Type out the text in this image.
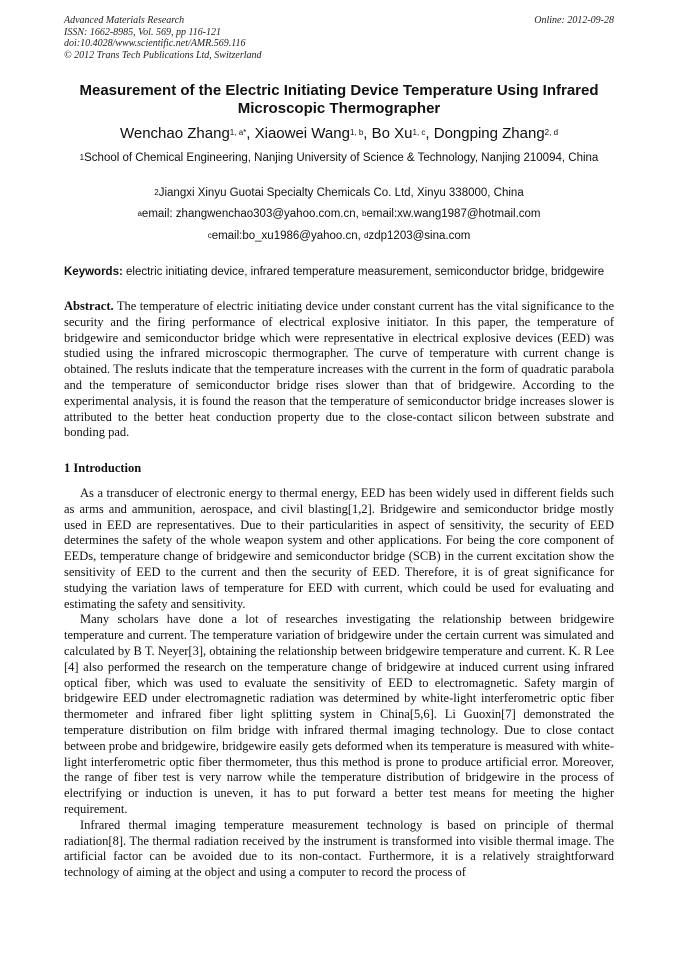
Advanced Materials Research
ISSN: 1662-8985, Vol. 569, pp 116-121
doi:10.4028/www.scientific.net/AMR.569.116
© 2012 Trans Tech Publications Ltd, Switzerland
Online: 2012-09-28
Measurement of the Electric Initiating Device Temperature Using Infrared Microscopic Thermographer
Wenchao Zhang$^{1, a*}$, Xiaowei Wang$^{1, b}$, Bo Xu$^{1, c}$, Dongping Zhang$^{2, d}$
$^1$School of Chemical Engineering, Nanjing University of Science & Technology, Nanjing 210094, China
$^2$Jiangxi Xinyu Guotai Specialty Chemicals Co. Ltd, Xinyu 338000, China
$^a$email: zhangwenchao303@yahoo.com.cn, $^b$email:xw.wang1987@hotmail.com
$^c$email:bo_xu1986@yahoo.cn, $^d$zdp1203@sina.com
Keywords: electric initiating device, infrared temperature measurement, semiconductor bridge, bridgewire
Abstract. The temperature of electric initiating device under constant current has the vital significance to the security and the firing performance of electrical explosive initiator. In this paper, the temperature of bridgewire and semiconductor bridge which were representative in electrical explosive devices (EED) was studied using the infrared microscopic thermographer. The curve of temperature with current change is obtained. The resluts indicate that the temperature increases with the current in the form of quadratic parabola and the temperature of semiconductor bridge rises slower than that of bridgewire. According to the experimental analysis, it is found the reason that the temperature of semiconductor bridge increases slower is attributed to the better heat conduction property due to the close-contact silicon between substrate and bonding pad.
1 Introduction

As a transducer of electronic energy to thermal energy, EED has been widely used in different fields such as arms and ammunition, aerospace, and civil blasting[1,2]. Bridgewire and semiconductor bridge mostly used in EED are representatives. Due to their particularities in aspect of sensitivity, the security of EED determines the safety of the whole weapon system and other applications. For being the core component of EEDs, temperature change of bridgewire and semiconductor bridge (SCB) in the current excitation show the sensitivity of EED to the current and then the security of EED. Therefore, it is of great significance for studying the variation laws of temperature for EED with current, which could be used for evaluating and estimating the safety and sensitivity.

Many scholars have done a lot of researches investigating the relationship between bridgewire temperature and current. The temperature variation of bridgewire under the certain current was simulated and calculated by B T. Neyer[3], obtaining the relationship between bridgewire temperature and current. K. R Lee [4] also performed the research on the temperature change of bridgewire at induced current using infrared optical fiber, which was used to evaluate the sensitivity of EED to electromagnetic. Safety margin of bridgewire EED under electromagnetic radiation was determined by white-light interferometric optic fiber thermometer and infrared fiber light splitting system in China[5,6]. Li Guoxin[7] demonstrated the temperature distribution on film bridge with infrared thermal imaging technology. Due to close contact between probe and bridgewire, bridgewire easily gets deformed when its temperature is measured with white-light interferometric optic fiber thermometer, thus this method is prone to produce artificial error. Moreover, the range of fiber test is very narrow while the temperature distribution of bridgewire in the process of electrifying or induction is uneven, it has to put forward a better test means for meeting the higher requirement.

Infrared thermal imaging temperature measurement technology is based on principle of thermal radiation[8]. The thermal radiation received by the instrument is transformed into visible thermal image. The artificial factor can be avoided due to its non-contact. Furthermore, it is a relatively straightforward technology of aiming at the object and using a computer to record the process of
